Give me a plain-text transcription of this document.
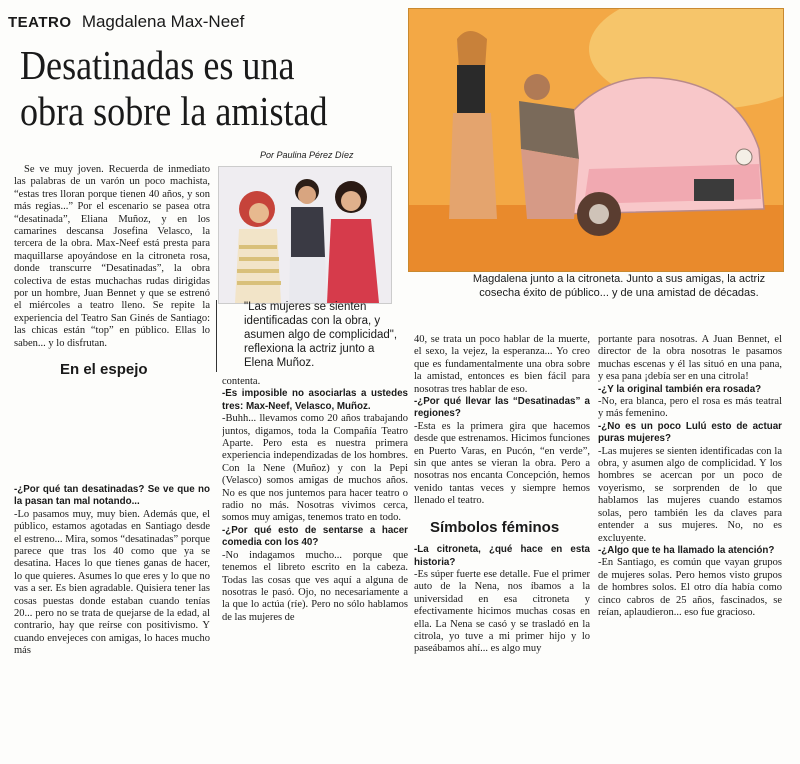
TEATRO Magdalena Max-Neef
Desatinadas es una
obra sobre la amistad
Por Paulina Pérez Díez
Magdalena junto a la citroneta. Junto a sus amigas, la actriz cosecha éxito de público... y de una amistad de décadas.
"Las mujeres se sienten identificadas con la obra, y asumen algo de complicidad", reflexiona la actriz junto a Elena Muñoz.

Se ve muy joven. Recuerda de inmediato las palabras de un varón un poco machista, “estas tres lloran porque tienen 40 años, y son más regias...” Por el escenario se pasea otra “desatinada”, Eliana Muñoz, y en los camarines descansa Josefina Velasco, la tercera de la obra. Max-Neef está presta para maquillarse apoyándose en la citroneta rosa, donde transcurre “Desatinadas”, la obra colectiva de estas muchachas rudas dirigidas por un hombre, Juan Bennet y que se estrenó el miércoles a teatro lleno. Se repite la experiencia del Teatro San Ginés de Santiago: las chicas están “top” en público. Ellas lo saben... y lo disfrutan.

En el espejo

-¿Por qué tan desatinadas? Se ve que no la pasan tan mal notando...

-Lo pasamos muy, muy bien. Además que, el público, estamos agotadas en Santiago desde el estreno... Mira, somos “desatinadas” porque parece que tras los 40 como que ya se desatina. Haces lo que tienes ganas de hacer, lo que quieres. Asumes lo que eres y lo que no vas a ser. Es bien agradable. Quisiera tener las cosas puestas donde estaban cuando tenías 20... pero no se trata de quejarse de la edad, al contrario, hay que reírse con positivismo. Y cuando envejeces con amigas, lo haces mucho más

contenta.

-Es imposible no asociarlas a ustedes tres: Max-Neef, Velasco, Muñoz.

-Buhh... llevamos como 20 años trabajando juntos, digamos, toda la Compañía Teatro Aparte. Pero esta es nuestra primera experiencia independizadas de los hombres. Con la Nene (Muñoz) y con la Pepi (Velasco) somos amigas de muchos años. No es que nos juntemos para hacer teatro o radio no más. Nosotras vivimos cerca, somos muy amigas, tenemos trato en todo.

-¿Por qué esto de sentarse a hacer comedia con los 40?

-No indagamos mucho... porque que tenemos el libreto escrito en la cabeza. Todas las cosas que ves aquí a alguna de nosotras le pasó. Ojo, no necesariamente a la que lo actúa (ríe). Pero no sólo hablamos de las mujeres de

40, se trata un poco hablar de la muerte, el sexo, la vejez, la esperanza... Yo creo que es fundamentalmente una obra sobre la amistad, entonces es bien fácil para nosotras tres hablar de eso.

-¿Por qué llevar las “Desatinadas” a regiones?

-Esta es la primera gira que hacemos desde que estrenamos. Hicimos funciones en Puerto Varas, en Pucón, “en verde”, sin que antes se vieran la obra. Pero a nosotras nos encanta Concepción, hemos venido tantas veces y siempre hemos llenado el teatro.

Símbolos féminos

-La citroneta, ¿qué hace en esta historia?

-Es súper fuerte ese detalle. Fue el primer auto de la Nena, nos íbamos a la universidad en esa citroneta y efectivamente hicimos muchas cosas en ella. La Nena se casó y se trasladó en la citrola, yo tuve a mi primer hijo y lo paseábamos ahí... es algo muy

portante para nosotras. A Juan Bennet, el director de la obra nosotras le pasamos muchas escenas y él las situó en una pana, y esa pana ¡debía ser en una citrola!

-¿Y la original también era rosada?

-No, era blanca, pero el rosa es más teatral y más femenino.

-¿No es un poco Lulú esto de actuar puras mujeres?

-Las mujeres se sienten identificadas con la obra, y asumen algo de complicidad. Y los hombres se acercan por un poco de voyerismo, se sorprenden de lo que hablamos las mujeres cuando estamos solas, pero también les da claves para entender a sus mujeres. No, no es excluyente.

-¿Algo que te ha llamado la atención?

-En Santiago, es común que vayan grupos de mujeres solas. Pero hemos visto grupos de hombres solos. El otro día había como cinco cabros de 25 años, fascinados, se reían, aplaudieron... eso fue gracioso.
